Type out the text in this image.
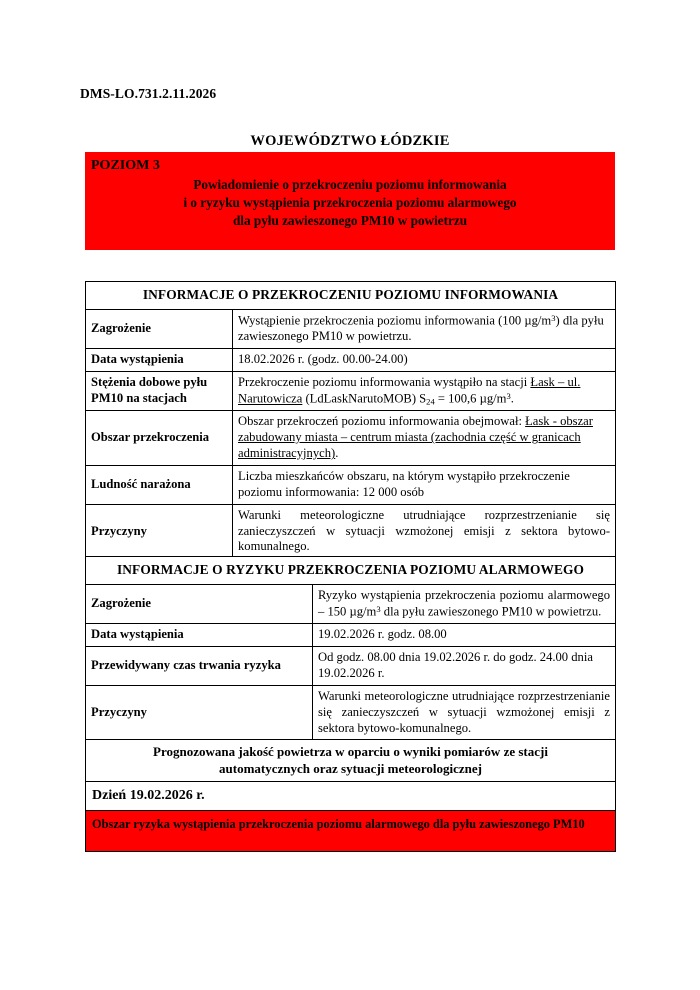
DMS-LO.731.2.11.2026
WOJEWÓDZTWO ŁÓDZKIE
POZIOM 3
Powiadomienie o przekroczeniu poziomu informowania
i o ryzyku wystąpienia przekroczenia poziomu alarmowego
dla pyłu zawieszonego PM10 w powietrzu
INFORMACJE O PRZEKROCZENIU POZIOMU INFORMOWANIA	
Zagrożenie	Wystąpienie przekroczenia poziomu informowania (100 $\mu g/m^3$) dla pyłu zawieszonego PM10 w powietrzu.
Data wystąpienia	18.02.2026 r. (godz. 00.00-24.00)
Stężenia dobowe pyłu PM10 na stacjach	Przekroczenie poziomu informowania wystąpiło na stacji Łask – ul. Narutowicza (LdLaskNarutoMOB) $S_{24} = 100,6$ $\mu g/m^3$.
Obszar przekroczenia	Obszar przekroczeń poziomu informowania obejmował: Łask - obszar zabudowany miasta – centrum miasta (zachodnia część w granicach administracyjnych).
Ludność narażona	Liczba mieszkańców obszaru, na którym wystąpiło przekroczenie poziomu informowania: 12 000 osób
Przyczyny	Warunki meteorologiczne utrudniające rozprzestrzenianie się zanieczyszczeń w sytuacji wzmożonej emisji z sektora bytowo-komunalnego.
INFORMACJE O RYZYKU PRZEKROCZENIA POZIOMU ALARMOWEGO	
Zagrożenie	Ryzyko wystąpienia przekroczenia poziomu alarmowego – 150 $\mu g/m^3$ dla pyłu zawieszonego PM10 w powietrzu.
Data wystąpienia	19.02.2026 r. godz. 08.00
Przewidywany czas trwania ryzyka	Od godz. 08.00 dnia 19.02.2026 r. do godz. 24.00 dnia 19.02.2026 r.
Przyczyny	Warunki meteorologiczne utrudniające rozprzestrzenianie się zanieczyszczeń w sytuacji wzmożonej emisji z sektora bytowo-komunalnego.

Prognozowana jakość powietrza w oparciu o wyniki pomiarów ze stacji
automatycznych oraz sytuacji meteorologicznej	

Dzień 19.02.2026 r.	

Obszar ryzyka wystąpienia przekroczenia poziomu alarmowego dla pyłu zawieszonego PM10	
